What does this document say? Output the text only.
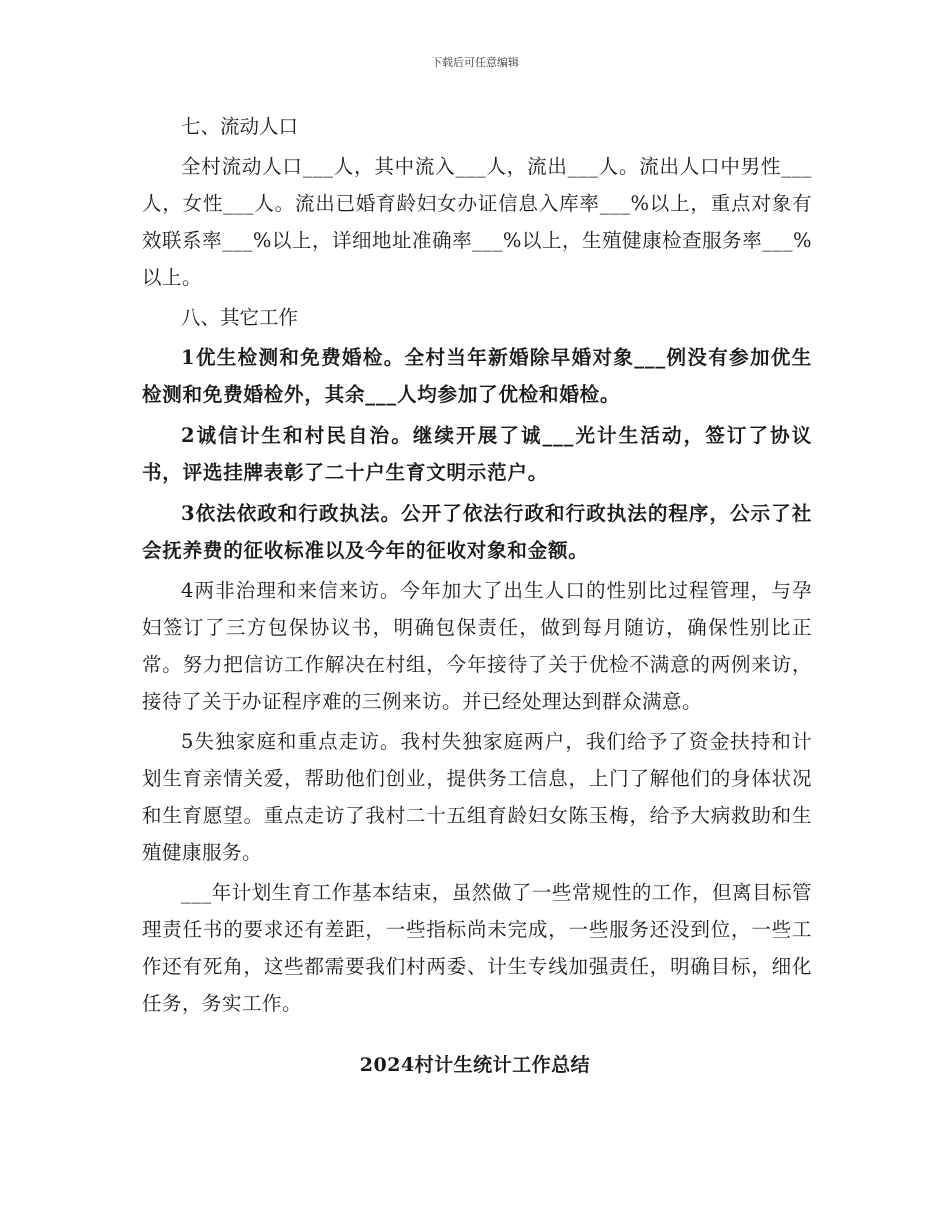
下载后可任意编辑

七、流动人口

全村流动人口___人，其中流入___人，流出___人。流出人口中男性___人，女性___人。流出已婚育龄妇女办证信息入库率___%以上，重点对象有效联系率___%以上，详细地址准确率___%以上，生殖健康检查服务率___%以上。

八、其它工作

1优生检测和免费婚检。全村当年新婚除早婚对象___例没有参加优生检测和免费婚检外，其余___人均参加了优检和婚检。

2诚信计生和村民自治。继续开展了诚___光计生活动，签订了协议书，评选挂牌表彰了二十户生育文明示范户。

3依法依政和行政执法。公开了依法行政和行政执法的程序，公示了社会抚养费的征收标准以及今年的征收对象和金额。

4两非治理和来信来访。今年加大了出生人口的性别比过程管理，与孕妇签订了三方包保协议书，明确包保责任，做到每月随访，确保性别比正常。努力把信访工作解决在村组，今年接待了关于优检不满意的两例来访，接待了关于办证程序难的三例来访。并已经处理达到群众满意。

5失独家庭和重点走访。我村失独家庭两户，我们给予了资金扶持和计划生育亲情关爱，帮助他们创业，提供务工信息，上门了解他们的身体状况和生育愿望。重点走访了我村二十五组育龄妇女陈玉梅，给予大病救助和生殖健康服务。

___年计划生育工作基本结束，虽然做了一些常规性的工作，但离目标管理责任书的要求还有差距，一些指标尚未完成，一些服务还没到位，一些工作还有死角，这些都需要我们村两委、计生专线加强责任，明确目标，细化任务，务实工作。

2024村计生统计工作总结
